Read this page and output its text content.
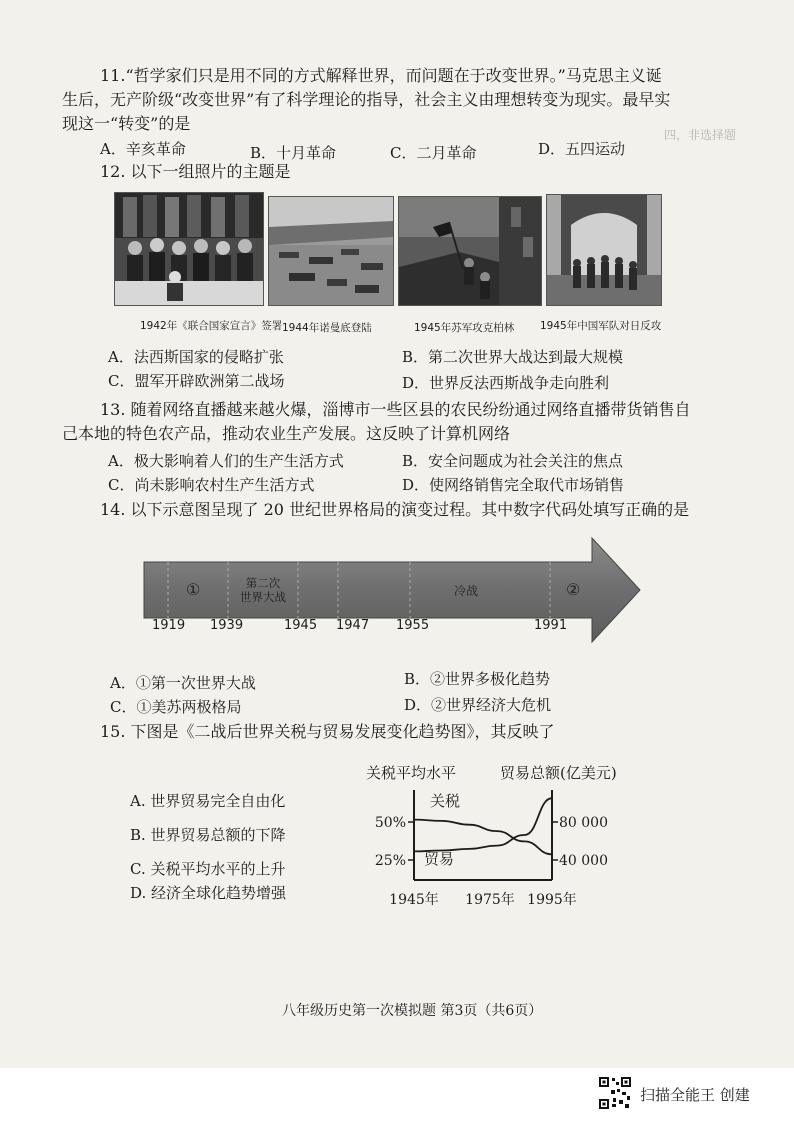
11.“哲学家们只是用不同的方式解释世界，而问题在于改变世界。”马克思主义诞
生后，无产阶级“改变世界”有了科学理论的指导，社会主义由理想转变为现实。最早实
现这一“转变”的是
A．辛亥革命	B．十月革命	C．二月革命	D．五四运动
12. 以下一组照片的主题是
1942年《联合国家宣言》签署 1944年诺曼底登陆	1945年苏军攻克柏林 1945年中国军队对日反攻
A．法西斯国家的侵略扩张	B．第二次世界大战达到最大规模
C．盟军开辟欧洲第二战场	D．世界反法西斯战争走向胜利
13. 随着网络直播越来越火爆，淄博市一些区县的农民纷纷通过网络直播带货销售自
己本地的特色农产品，推动农业生产发展。这反映了计算机网络
A．极大影响着人们的生产生活方式	B．安全问题成为社会关注的焦点
C．尚未影响农村生产生活方式	D．使网络销售完全取代市场销售
14. 以下示意图呈现了 20 世纪世界格局的演变过程。其中数字代码处填写正确的是
①	第二次
世界大战	冷战	②
1919 1939	1945 1947 1955	1991
A．①第一次世界大战	B．②世界多极化趋势
C．①美苏两极格局	D．②世界经济大危机
15. 下图是《二战后世界关税与贸易发展变化趋势图》，其反映了
A. 世界贸易完全自由化
B. 世界贸易总额的下降
C. 关税平均水平的上升
D. 经济全球化趋势增强
关税平均水平	贸易总额(亿美元)
50%
25%
80 000
40 000
1945年 1975年 1995年
关税
贸易
四，非选择题
八年级历史第一次模拟题 第3页（共6页）
扫描全能王 创建
